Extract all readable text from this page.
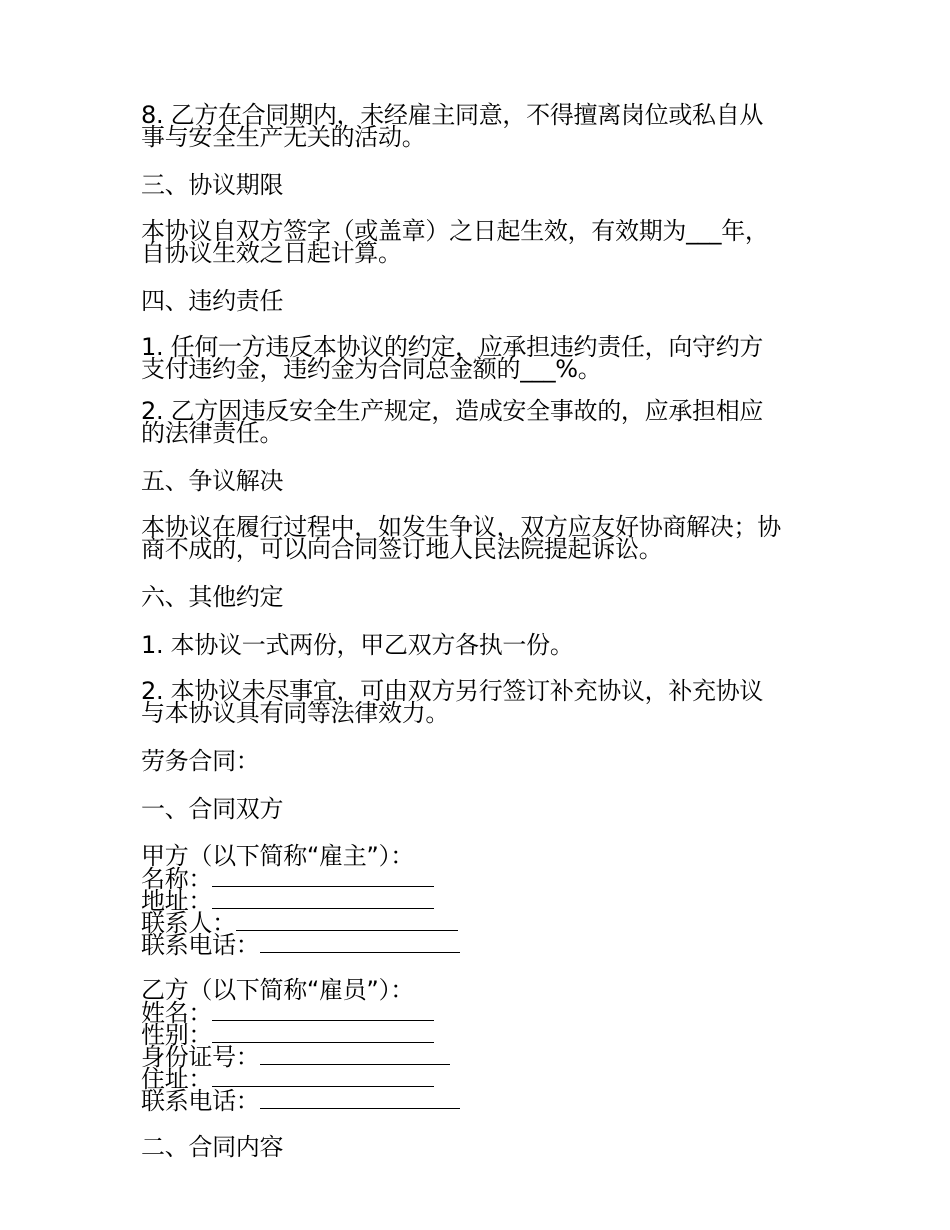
8. 乙方在合同期内，未经雇主同意，不得擅离岗位或私自从
事与安全生产无关的活动。

三、协议期限

本协议自双方签字（或盖章）之日起生效，有效期为___年，
自协议生效之日起计算。

四、违约责任

1. 任何一方违反本协议的约定，应承担违约责任，向守约方
支付违约金，违约金为合同总金额的___%。

2. 乙方因违反安全生产规定，造成安全事故的，应承担相应
的法律责任。

五、争议解决

本协议在履行过程中，如发生争议，双方应友好协商解决；协
商不成的，可以向合同签订地人民法院提起诉讼。

六、其他约定

1. 本协议一式两份，甲乙双方各执一份。

2. 本协议未尽事宜，可由双方另行签订补充协议，补充协议
与本协议具有同等法律效力。

劳务合同：

一、合同双方

甲方（以下简称“雇主”）：
名称：
地址：
联系人：
联系电话：
乙方（以下简称“雇员”）：
姓名：
性别：
身份证号：
住址：
联系电话：

二、合同内容
